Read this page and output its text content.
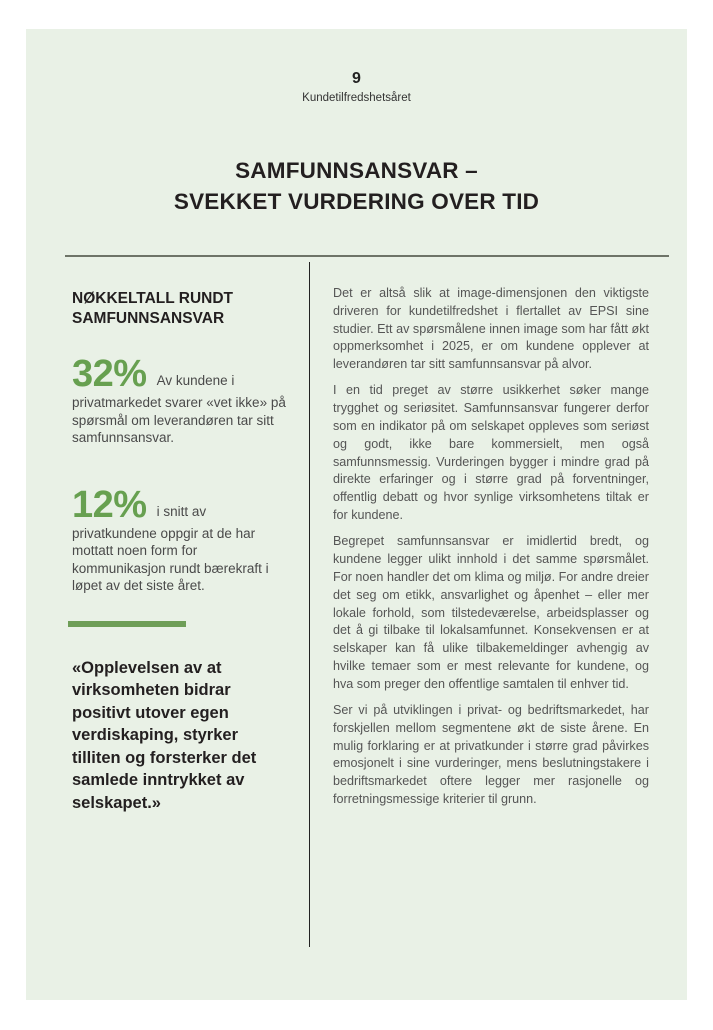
9
Kundetilfredshetsåret
SAMFUNNSANSVAR –
SVEKKET VURDERING OVER TID
NØKKELTALL RUNDT
SAMFUNNSANSVAR
32% Av kundene i privatmarkedet svarer «vet ikke» på spørsmål om leverandøren tar sitt samfunnsansvar.
12% i snitt av privatkundene oppgir at de har mottatt noen form for kommunikasjon rundt bærekraft i løpet av det siste året.
«Opplevelsen av at virksomheten bidrar positivt utover egen verdiskaping, styrker tilliten og forsterker det samlede inntrykket av selskapet.»

Det er altså slik at image-dimensjonen den viktigste driveren for kundetilfredshet i flertallet av EPSI sine studier. Ett av spørsmålene innen image som har fått økt oppmerksomhet i 2025, er om kundene opplever at leverandøren tar sitt samfunnsansvar på alvor.

I en tid preget av større usikkerhet søker mange trygghet og seriøsitet. Samfunnsansvar fungerer derfor som en indikator på om selskapet oppleves som seriøst og godt, ikke bare kommersielt, men også samfunnsmessig. Vurderingen bygger i mindre grad på direkte erfaringer og i større grad på forventninger, offentlig debatt og hvor synlige virksomhetens tiltak er for kundene.

Begrepet samfunnsansvar er imidlertid bredt, og kundene legger ulikt innhold i det samme spørsmålet. For noen handler det om klima og miljø. For andre dreier det seg om etikk, ansvarlighet og åpenhet – eller mer lokale forhold, som tilstedeværelse, arbeidsplasser og det å gi tilbake til lokalsamfunnet. Konsekvensen er at selskaper kan få ulike tilbakemeldinger avhengig av hvilke temaer som er mest relevante for kundene, og hva som preger den offentlige samtalen til enhver tid.

Ser vi på utviklingen i privat- og bedriftsmarkedet, har forskjellen mellom segmentene økt de siste årene. En mulig forklaring er at privatkunder i større grad påvirkes emosjonelt i sine vurderinger, mens beslutningstakere i bedriftsmarkedet oftere legger mer rasjonelle og forretningsmessige kriterier til grunn.
